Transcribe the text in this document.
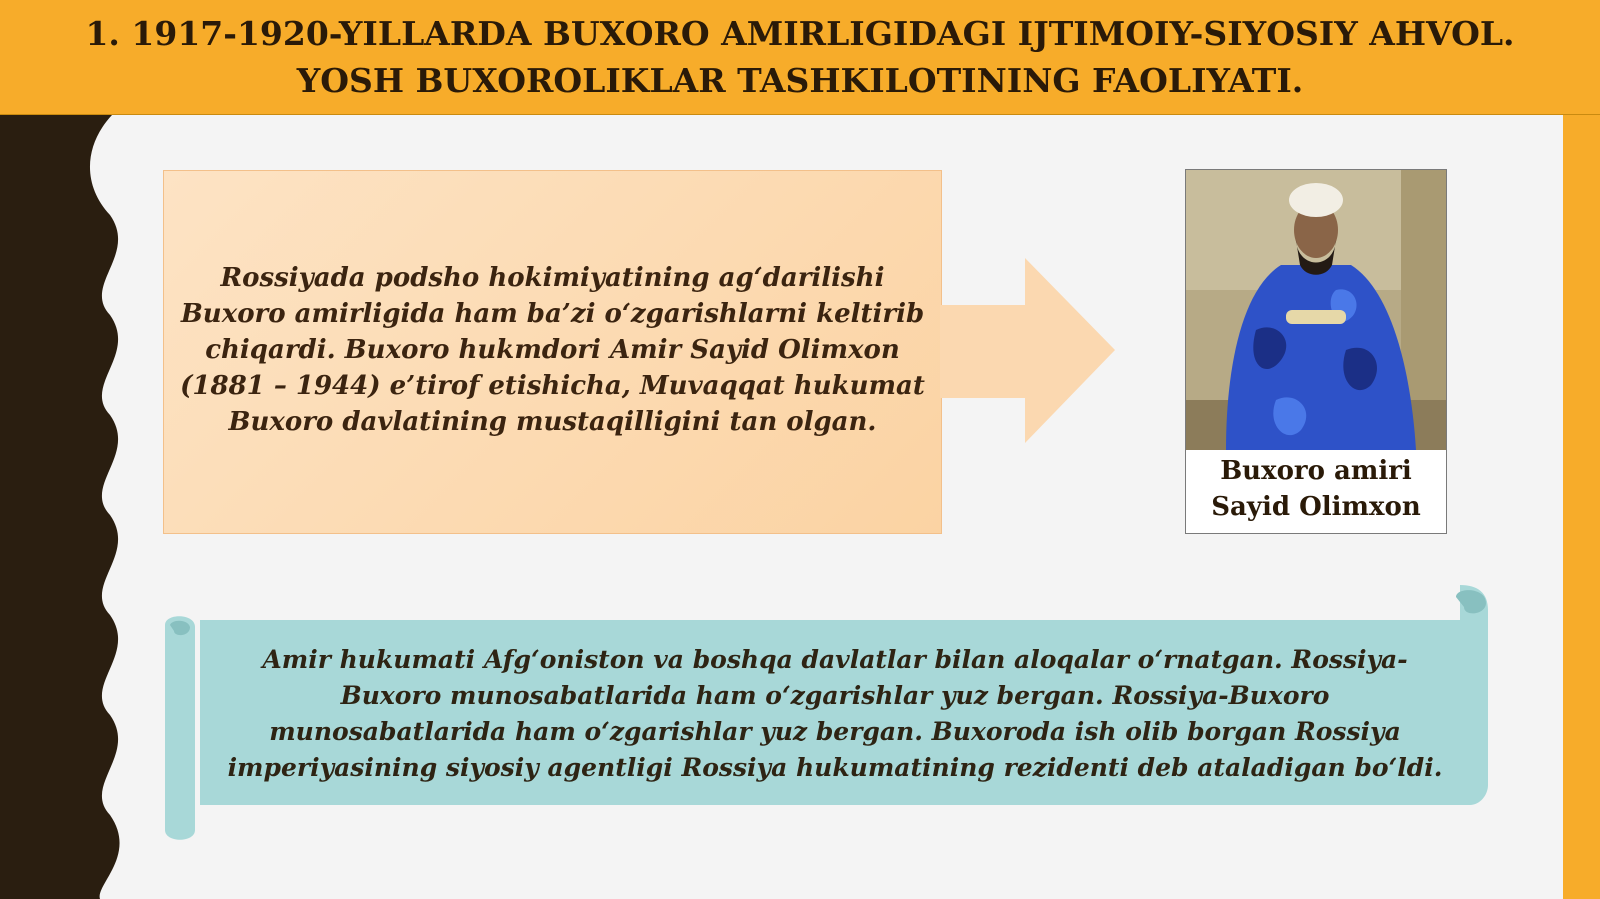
1. 1917-1920-YILLARDA BUXORO AMIRLIGIDAGI IJTIMOIY-SIYOSIY AHVOL. YOSH BUXOROLIKLAR TASHKILOTINING FAOLIYATI.
Rossiyada podsho hokimiyatining ag‘darilishi Buxoro amirligida ham ba’zi o‘zgarishlarni keltirib chiqardi. Buxoro hukmdori Amir Sayid Olimxon (1881 – 1944) e’tirof etishicha, Muvaqqat hukumat Buxoro davlatining mustaqilligini tan olgan.
Buxoro amiri Sayid Olimxon
Amir hukumati Afg‘oniston va boshqa davlatlar bilan aloqalar o‘rnatgan. Rossiya-Buxoro munosabatlarida ham o‘zgarishlar yuz bergan. Rossiya-Buxoro munosabatlarida ham o‘zgarishlar yuz bergan. Buxoroda ish olib borgan Rossiya imperiyasining siyosiy agentligi Rossiya hukumatining rezidenti deb ataladigan bo‘ldi.
